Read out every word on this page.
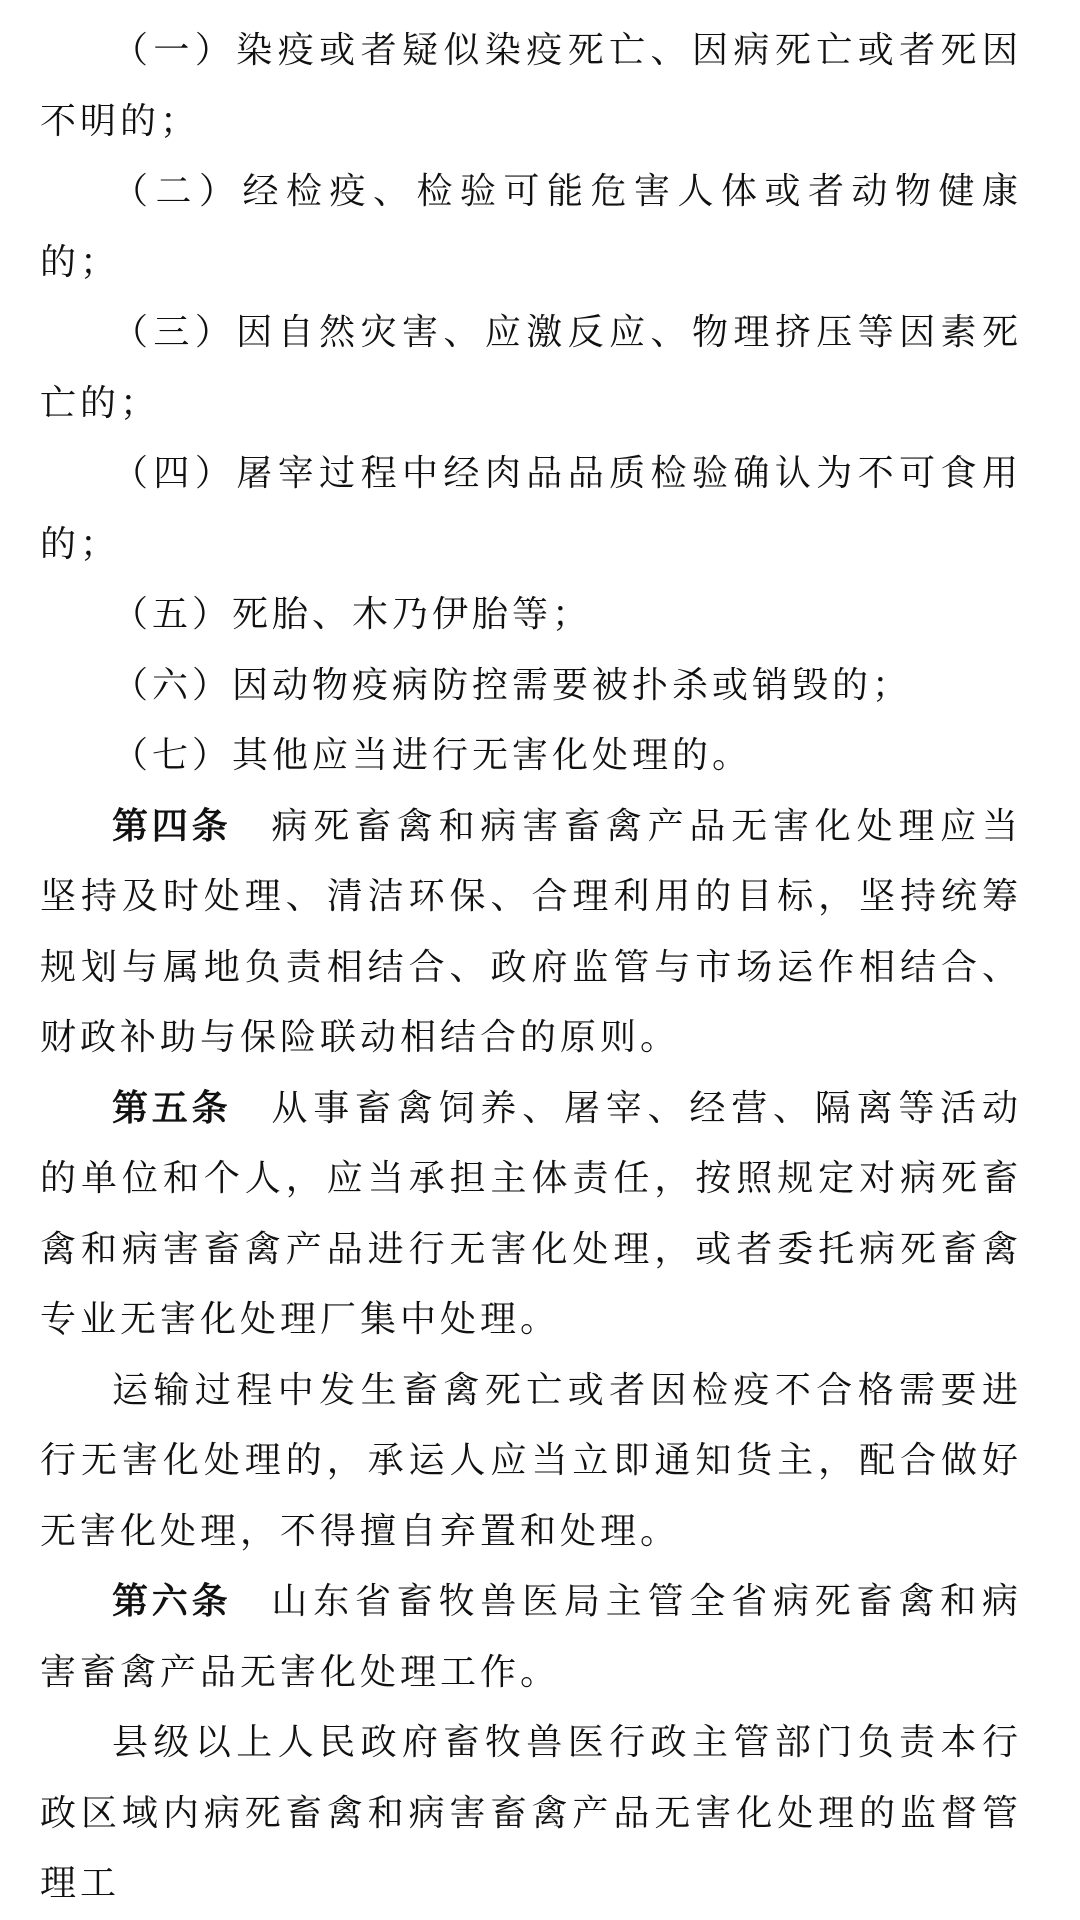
（一）染疫或者疑似染疫死亡、因病死亡或者死因不明的；

（二）经检疫、检验可能危害人体或者动物健康的；

（三）因自然灾害、应激反应、物理挤压等因素死亡的；

（四）屠宰过程中经肉品品质检验确认为不可食用的；

（五）死胎、木乃伊胎等；

（六）因动物疫病防控需要被扑杀或销毁的；

（七）其他应当进行无害化处理的。

第四条 病死畜禽和病害畜禽产品无害化处理应当坚持及时处理、清洁环保、合理利用的目标，坚持统筹规划与属地负责相结合、政府监管与市场运作相结合、财政补助与保险联动相结合的原则。

第五条 从事畜禽饲养、屠宰、经营、隔离等活动的单位和个人，应当承担主体责任，按照规定对病死畜禽和病害畜禽产品进行无害化处理，或者委托病死畜禽专业无害化处理厂集中处理。

运输过程中发生畜禽死亡或者因检疫不合格需要进行无害化处理的，承运人应当立即通知货主，配合做好无害化处理，不得擅自弃置和处理。

第六条 山东省畜牧兽医局主管全省病死畜禽和病害畜禽产品无害化处理工作。

县级以上人民政府畜牧兽医行政主管部门负责本行政区域内病死畜禽和病害畜禽产品无害化处理的监督管理工
